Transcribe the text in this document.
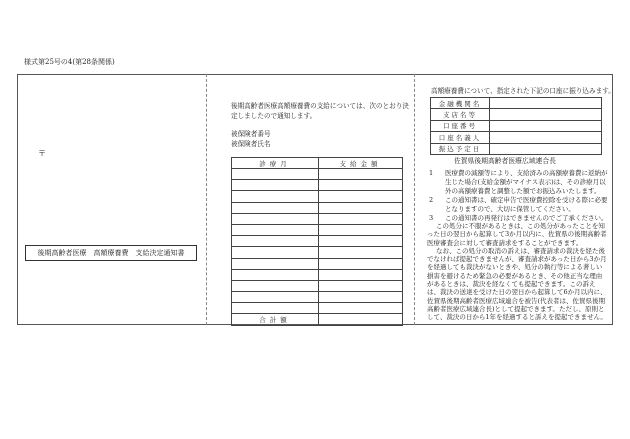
様式第25号の4(第28条関係)
〒
後期高齢者医療　高額療養費　支給決定通知書
後期高齢者医療高額療養費の支給については、次のとおり決定しましたので通知します。
被保険者番号
被保険者氏名
診療月	支給金額

合計額	
高額療養費について、指定された下記の口座に振り込みます。
金融機関名	
支店名等	
口座番号	
口座名義人	
振込予定日	
佐賀県後期高齢者医療広域連合長
1	医療費の減額等により、支給済みの高額療養費に返納が生じた場合(支給金額がマイナス表示)は、その診療月以外の高額療養費と調整した額でお振込みいたします。
2	この通知書は、確定申告で医療費控除を受ける際に必要となりますので、大切に保管してください。
3	この通知書の再発行はできませんのでご了承ください。
この処分に不服があるときは、この処分があったことを知った日の翌日から起算して3か月以内に、佐賀県の後期高齢者医療審査会に対して審査請求をすることができます。
なお、この処分の取消の訴えは、審査請求の裁決を経た後でなければ提起できませんが、審査請求があった日から3か月を経過しても裁決がないときや、処分の執行等による著しい損害を避けるため緊急の必要があるとき、その他正当な理由があるときは、裁決を経なくても提起できます。この訴えは、裁決の送達を受けた日の翌日から起算して6か月以内に、佐賀県後期高齢者医療広域連合を被告(代表者は、佐賀県後期高齢者医療広域連合長)として提起できます。ただし、原則として、裁決の日から1年を経過すると訴えを提起できません。
